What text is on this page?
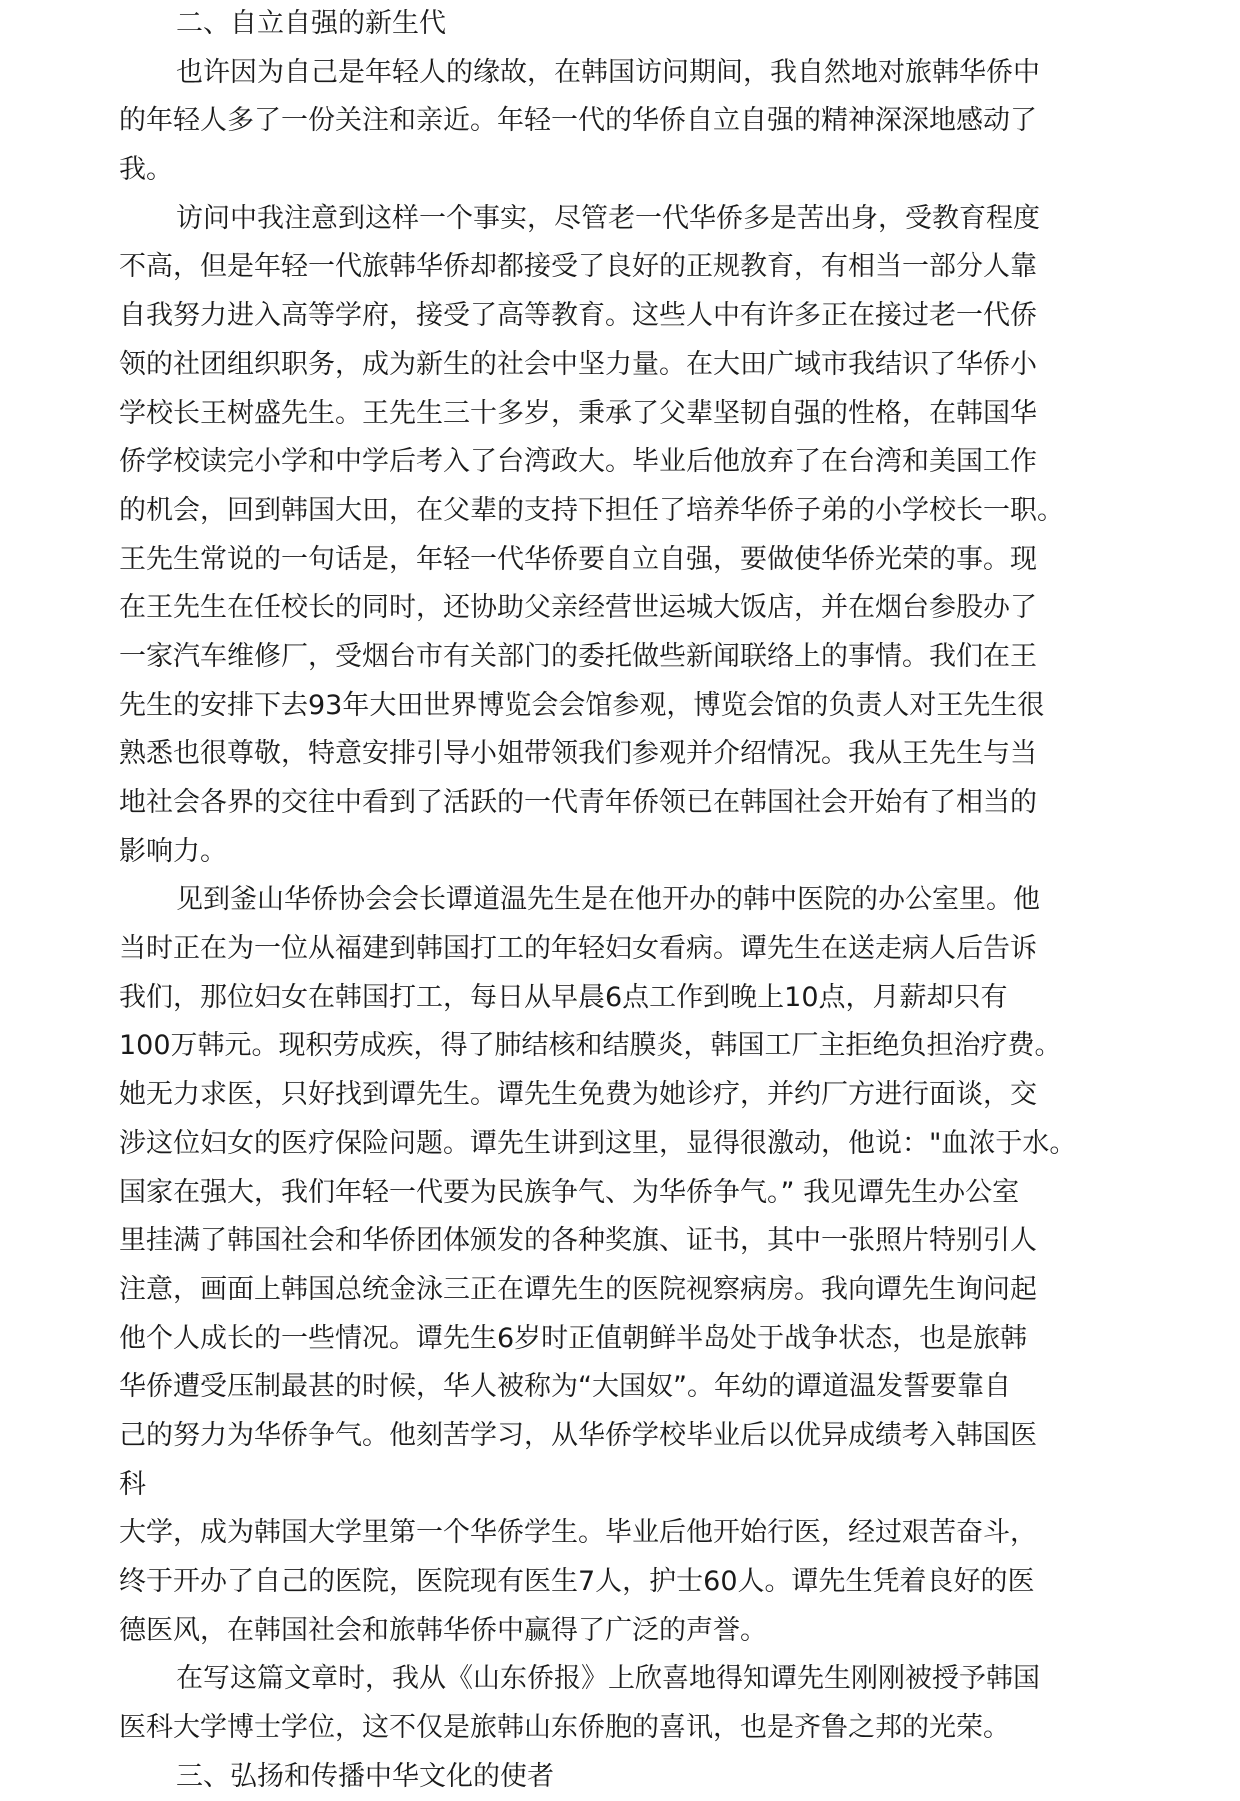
二、自立自强的新生代
也许因为自己是年轻人的缘故，在韩国访问期间，我自然地对旅韩华侨中
的年轻人多了一份关注和亲近。年轻一代的华侨自立自强的精神深深地感动了
我。
访问中我注意到这样一个事实，尽管老一代华侨多是苦出身，受教育程度
不高，但是年轻一代旅韩华侨却都接受了良好的正规教育，有相当一部分人靠
自我努力进入高等学府，接受了高等教育。这些人中有许多正在接过老一代侨
领的社团组织职务，成为新生的社会中坚力量。在大田广域市我结识了华侨小
学校长王树盛先生。王先生三十多岁，秉承了父辈坚韧自强的性格，在韩国华
侨学校读完小学和中学后考入了台湾政大。毕业后他放弃了在台湾和美国工作
的机会，回到韩国大田，在父辈的支持下担任了培养华侨子弟的小学校长一职。
王先生常说的一句话是，年轻一代华侨要自立自强，要做使华侨光荣的事。现
在王先生在任校长的同时，还协助父亲经营世运城大饭店，并在烟台参股办了
一家汽车维修厂，受烟台市有关部门的委托做些新闻联络上的事情。我们在王
先生的安排下去93年大田世界博览会会馆参观，博览会馆的负责人对王先生很
熟悉也很尊敬，特意安排引导小姐带领我们参观并介绍情况。我从王先生与当
地社会各界的交往中看到了活跃的一代青年侨领已在韩国社会开始有了相当的
影响力。
见到釜山华侨协会会长谭道温先生是在他开办的韩中医院的办公室里。他
当时正在为一位从福建到韩国打工的年轻妇女看病。谭先生在送走病人后告诉
我们，那位妇女在韩国打工，每日从早晨6点工作到晚上10点，月薪却只有
100万韩元。现积劳成疾，得了肺结核和结膜炎，韩国工厂主拒绝负担治疗费。
她无力求医，只好找到谭先生。谭先生免费为她诊疗，并约厂方进行面谈，交
涉这位妇女的医疗保险问题。谭先生讲到这里，显得很激动，他说："血浓于水。
国家在强大，我们年轻一代要为民族争气、为华侨争气。” 我见谭先生办公室
里挂满了韩国社会和华侨团体颁发的各种奖旗、证书，其中一张照片特别引人
注意，画面上韩国总统金泳三正在谭先生的医院视察病房。我向谭先生询问起
他个人成长的一些情况。谭先生6岁时正值朝鲜半岛处于战争状态，也是旅韩
华侨遭受压制最甚的时候，华人被称为“大国奴”。年幼的谭道温发誓要靠自
己的努力为华侨争气。他刻苦学习，从华侨学校毕业后以优异成绩考入韩国医
科
大学，成为韩国大学里第一个华侨学生。毕业后他开始行医，经过艰苦奋斗，
终于开办了自己的医院，医院现有医生7人，护士60人。谭先生凭着良好的医
德医风，在韩国社会和旅韩华侨中赢得了广泛的声誉。
在写这篇文章时，我从《山东侨报》上欣喜地得知谭先生刚刚被授予韩国
医科大学博士学位，这不仅是旅韩山东侨胞的喜讯，也是齐鲁之邦的光荣。
三、弘扬和传播中华文化的使者
